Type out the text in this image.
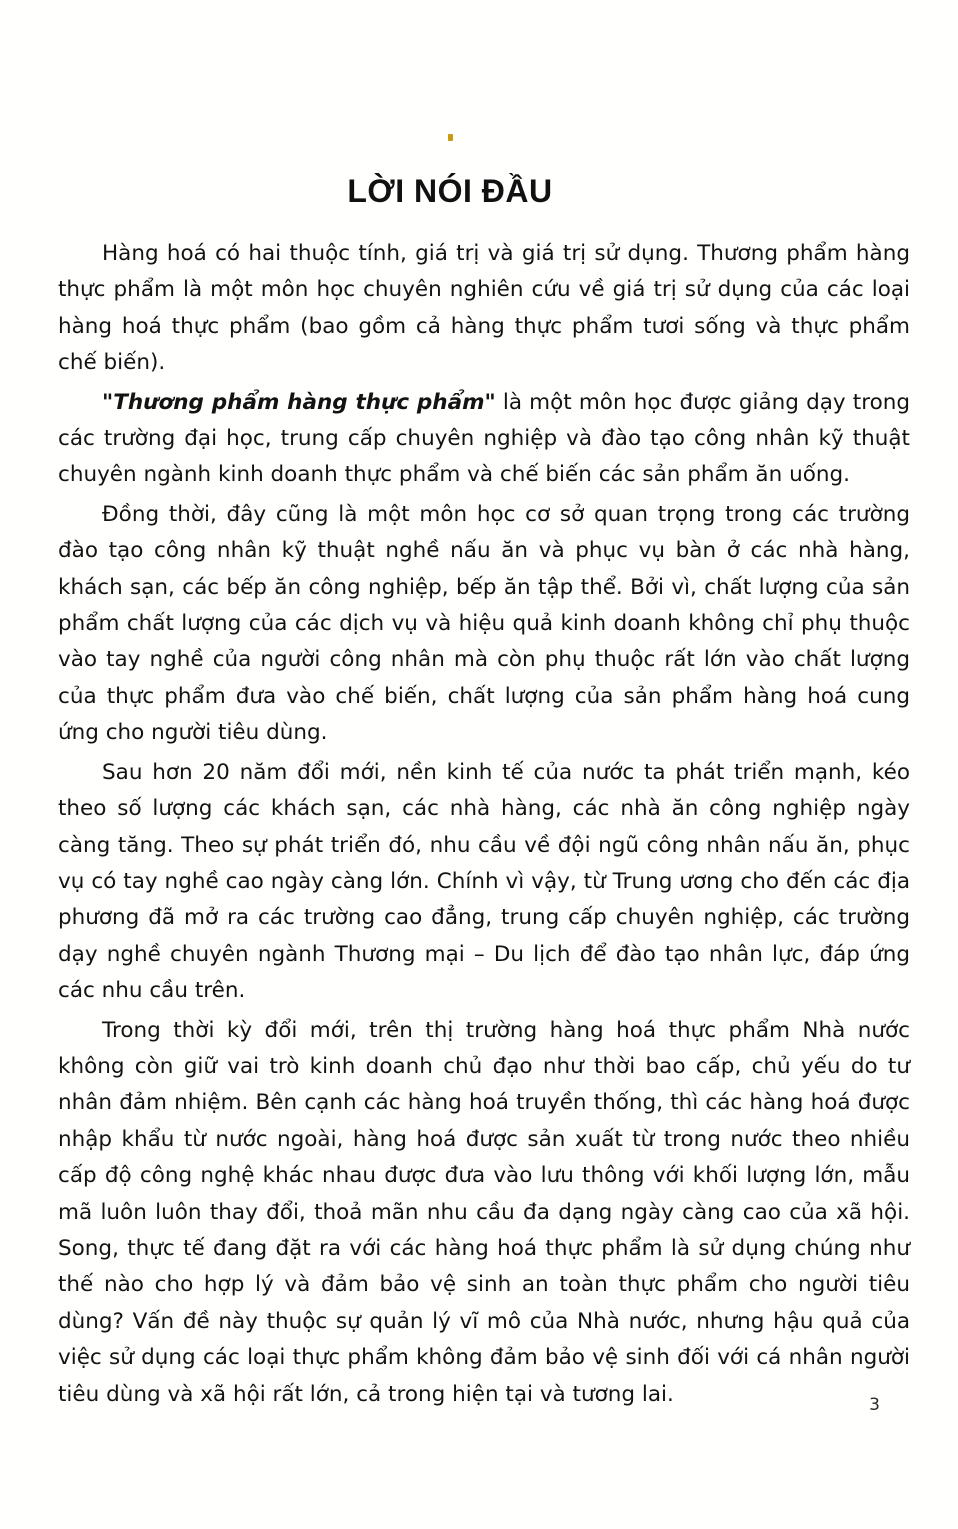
LỜI NÓI ĐẦU

Hàng hoá có hai thuộc tính, giá trị và giá trị sử dụng. Thương phẩm hàng thực phẩm là một môn học chuyên nghiên cứu về giá trị sử dụng của các loại hàng hoá thực phẩm (bao gồm cả hàng thực phẩm tươi sống và thực phẩm chế biến).

"Thương phẩm hàng thực phẩm" là một môn học được giảng dạy trong các trường đại học, trung cấp chuyên nghiệp và đào tạo công nhân kỹ thuật chuyên ngành kinh doanh thực phẩm và chế biến các sản phẩm ăn uống.

Đồng thời, đây cũng là một môn học cơ sở quan trọng trong các trường đào tạo công nhân kỹ thuật nghề nấu ăn và phục vụ bàn ở các nhà hàng, khách sạn, các bếp ăn công nghiệp, bếp ăn tập thể. Bởi vì, chất lượng của sản phẩm chất lượng của các dịch vụ và hiệu quả kinh doanh không chỉ phụ thuộc vào tay nghề của người công nhân mà còn phụ thuộc rất lớn vào chất lượng của thực phẩm đưa vào chế biến, chất lượng của sản phẩm hàng hoá cung ứng cho người tiêu dùng.

Sau hơn 20 năm đổi mới, nền kinh tế của nước ta phát triển mạnh, kéo theo số lượng các khách sạn, các nhà hàng, các nhà ăn công nghiệp ngày càng tăng. Theo sự phát triển đó, nhu cầu về đội ngũ công nhân nấu ăn, phục vụ có tay nghề cao ngày càng lớn. Chính vì vậy, từ Trung ương cho đến các địa phương đã mở ra các trường cao đẳng, trung cấp chuyên nghiệp, các trường dạy nghề chuyên ngành Thương mại – Du lịch để đào tạo nhân lực, đáp ứng các nhu cầu trên.

Trong thời kỳ đổi mới, trên thị trường hàng hoá thực phẩm Nhà nước không còn giữ vai trò kinh doanh chủ đạo như thời bao cấp, chủ yếu do tư nhân đảm nhiệm. Bên cạnh các hàng hoá truyền thống, thì các hàng hoá được nhập khẩu từ nước ngoài, hàng hoá được sản xuất từ trong nước theo nhiều cấp độ công nghệ khác nhau được đưa vào lưu thông với khối lượng lớn, mẫu mã luôn luôn thay đổi, thoả mãn nhu cầu đa dạng ngày càng cao của xã hội. Song, thực tế đang đặt ra với các hàng hoá thực phẩm là sử dụng chúng như thế nào cho hợp lý và đảm bảo vệ sinh an toàn thực phẩm cho người tiêu dùng? Vấn đề này thuộc sự quản lý vĩ mô của Nhà nước, nhưng hậu quả của việc sử dụng các loại thực phẩm không đảm bảo vệ sinh đối với cá nhân người tiêu dùng và xã hội rất lớn, cả trong hiện tại và tương lai.	3
